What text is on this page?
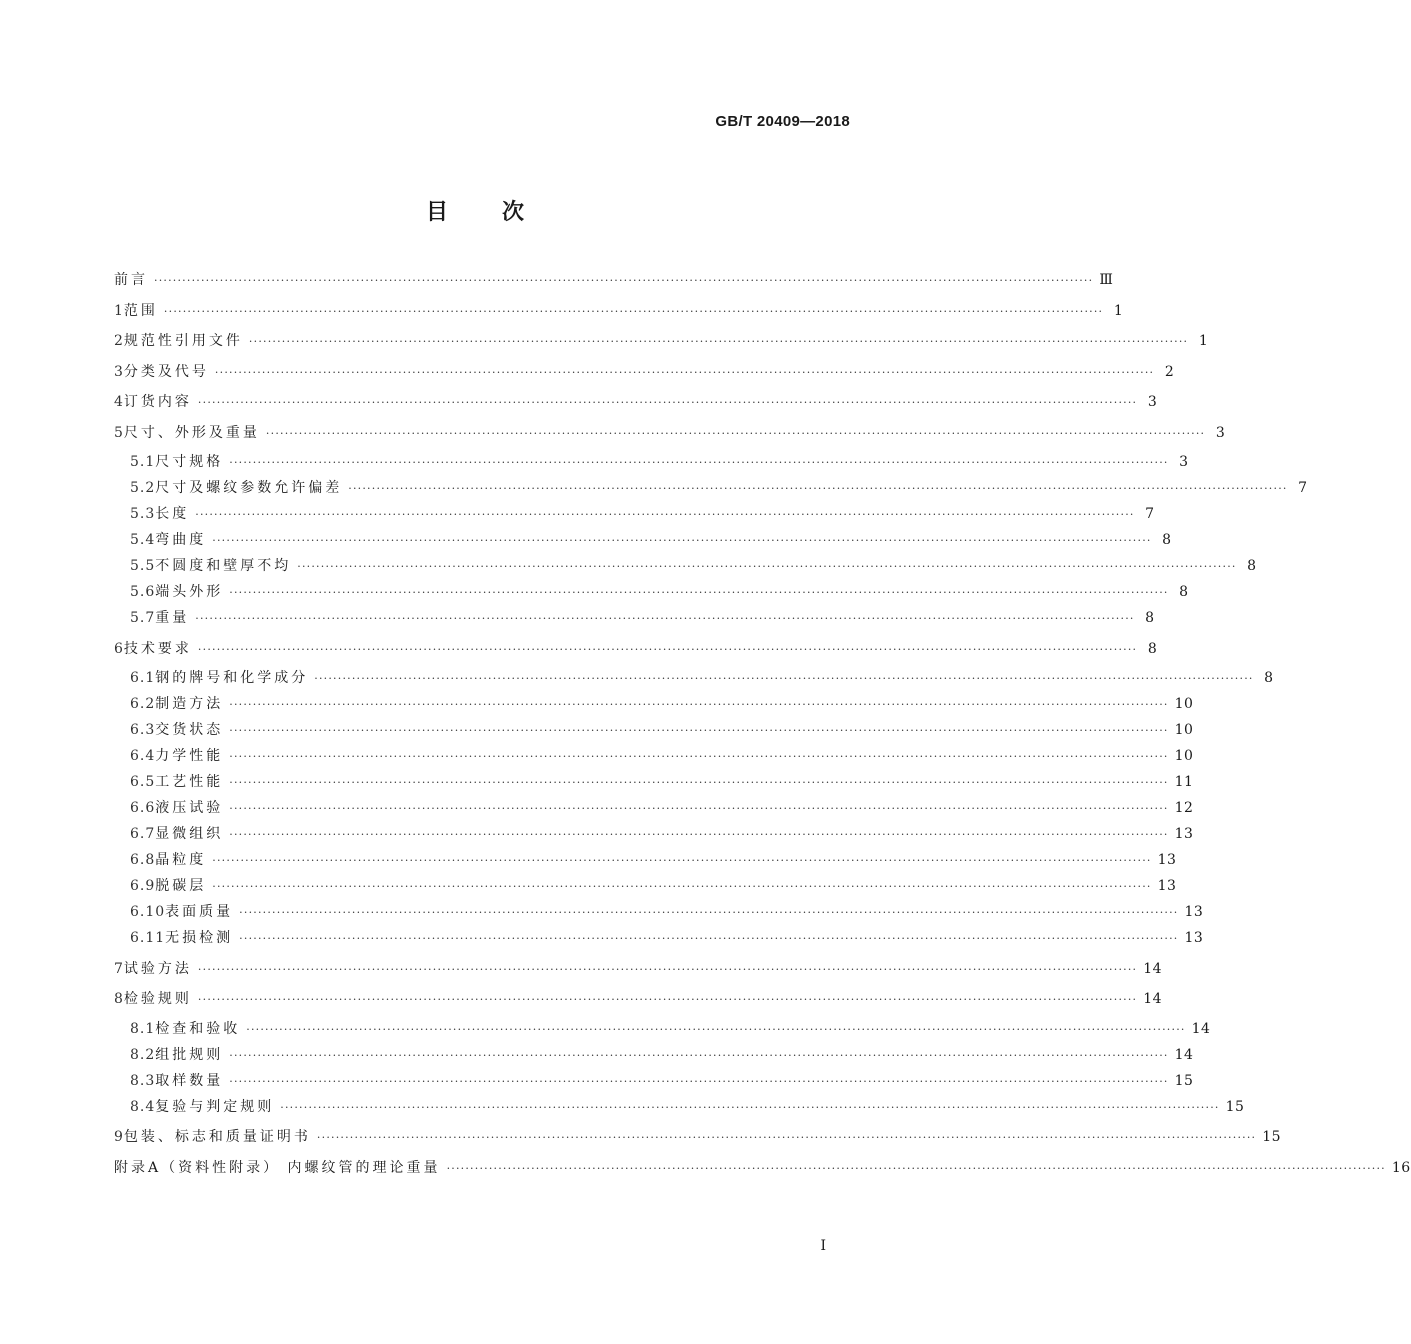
GB/T 20409—2018
目次
前言 ········································································································································································································ Ⅲ
1 范围 ········································································································································································································ 1
2 规范性引用文件 ········································································································································································································ 1
3 分类及代号 ········································································································································································································ 2
4 订货内容 ········································································································································································································ 3
5 尺寸、外形及重量 ········································································································································································································ 3
5.1 尺寸规格 ········································································································································································································ 3
5.2 尺寸及螺纹参数允许偏差 ········································································································································································································ 7
5.3 长度 ········································································································································································································ 7
5.4 弯曲度 ········································································································································································································ 8
5.5 不圆度和壁厚不均 ········································································································································································································ 8
5.6 端头外形 ········································································································································································································ 8
5.7 重量 ········································································································································································································ 8
6 技术要求 ········································································································································································································ 8
6.1 钢的牌号和化学成分 ········································································································································································································ 8
6.2 制造方法 ········································································································································································································ 10
6.3 交货状态 ········································································································································································································ 10
6.4 力学性能 ········································································································································································································ 10
6.5 工艺性能 ········································································································································································································ 11
6.6 液压试验 ········································································································································································································ 12
6.7 显微组织 ········································································································································································································ 13
6.8 晶粒度 ········································································································································································································ 13
6.9 脱碳层 ········································································································································································································ 13
6.10 表面质量 ········································································································································································································ 13
6.11 无损检测 ········································································································································································································ 13
7 试验方法 ········································································································································································································ 14
8 检验规则 ········································································································································································································ 14
8.1 检查和验收 ········································································································································································································ 14
8.2 组批规则 ········································································································································································································ 14
8.3 取样数量 ········································································································································································································ 15
8.4 复验与判定规则 ········································································································································································································ 15
9 包装、标志和质量证明书 ········································································································································································································ 15
附录A（资料性附录） 内螺纹管的理论重量 ········································································································································································································ 16
I
